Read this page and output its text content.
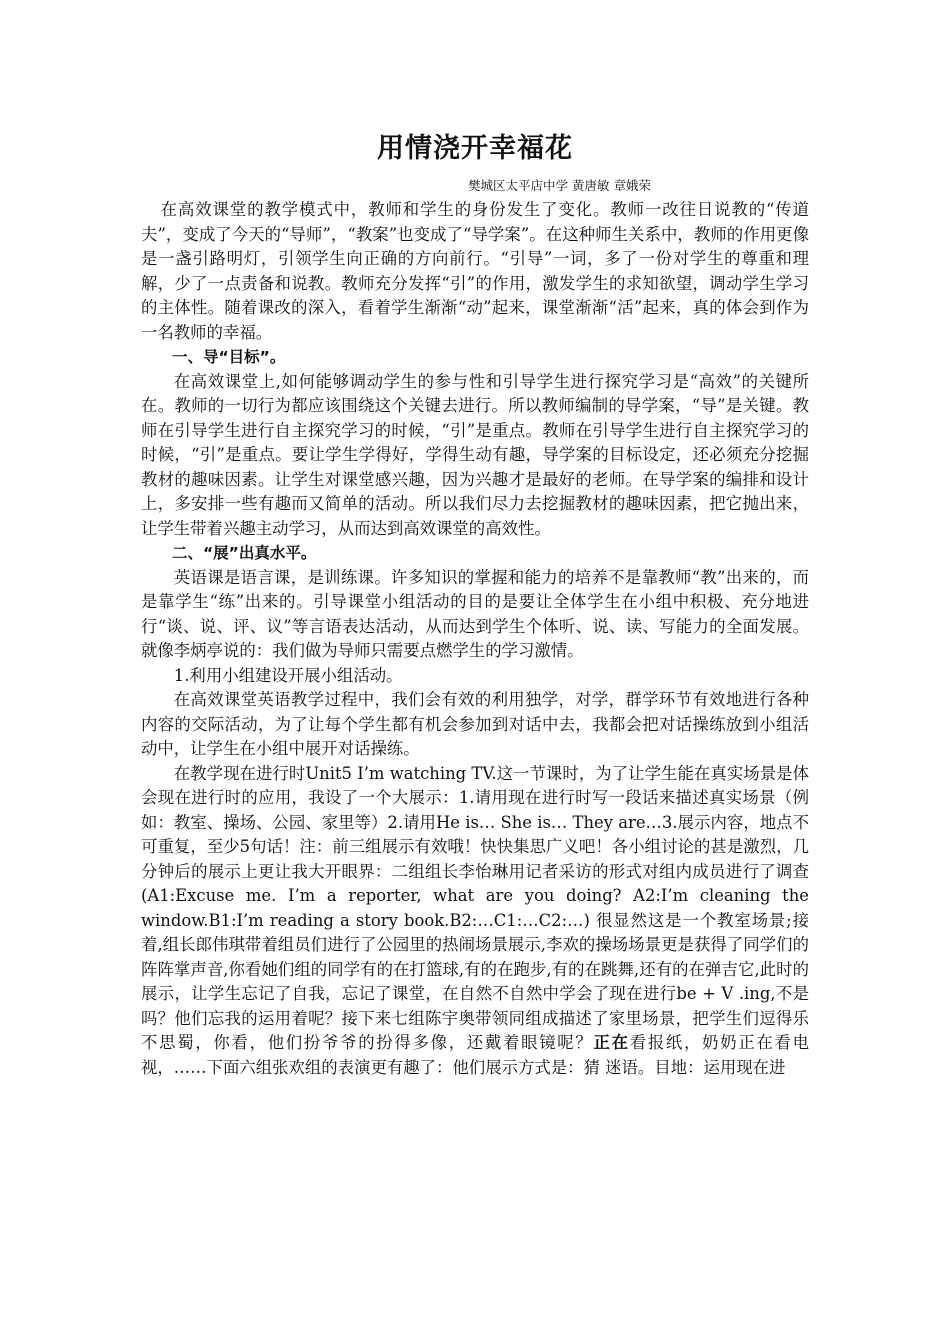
用情浇开幸福花
樊城区太平店中学 黄唐敏 章娥荣

在高效课堂的教学模式中，教师和学生的身份发生了变化。教师一改往日说教的“传道夫”，变成了今天的“导师”，“教案”也变成了“导学案”。在这种师生关系中，教师的作用更像是一盏引路明灯，引领学生向正确的方向前行。“引导”一词，多了一份对学生的尊重和理解，少了一点责备和说教。教师充分发挥“引”的作用，激发学生的求知欲望，调动学生学习的主体性。随着课改的深入，看着学生渐渐“动”起来，课堂渐渐“活”起来，真的体会到作为一名教师的幸福。

一、导“目标”。

在高效课堂上,如何能够调动学生的参与性和引导学生进行探究学习是“高效”的关键所在。教师的一切行为都应该围绕这个关键去进行。所以教师编制的导学案，“导”是关键。教师在引导学生进行自主探究学习的时候，“引”是重点。教师在引导学生进行自主探究学习的时候，“引”是重点。要让学生学得好，学得生动有趣，导学案的目标设定，还必须充分挖掘教材的趣味因素。让学生对课堂感兴趣，因为兴趣才是最好的老师。在导学案的编排和设计上，多安排一些有趣而又简单的活动。所以我们尽力去挖掘教材的趣味因素，把它抛出来，让学生带着兴趣主动学习，从而达到高效课堂的高效性。

二、“展”出真水平。

英语课是语言课，是训练课。许多知识的掌握和能力的培养不是靠教师“教”出来的，而是靠学生“练”出来的。引导课堂小组活动的目的是要让全体学生在小组中积极、充分地进行“谈、说、评、议”等言语表达活动，从而达到学生个体听、说、读、写能力的全面发展。就像李炳亭说的：我们做为导师只需要点燃学生的学习激情。

1.利用小组建设开展小组活动。

在高效课堂英语教学过程中，我们会有效的利用独学，对学，群学环节有效地进行各种内容的交际活动，为了让每个学生都有机会参加到对话中去，我都会把对话操练放到小组活动中，让学生在小组中展开对话操练。

在教学现在进行时Unit5 I’m watching TV.这一节课时，为了让学生能在真实场景是体会现在进行时的应用，我设了一个大展示：1.请用现在进行时写一段话来描述真实场景（例如：教室、操场、公园、家里等）2.请用He is… She is… They are…3.展示内容，地点不可重复，至少5句话！注：前三组展示有效哦！快快集思广义吧！各小组讨论的甚是激烈，几分钟后的展示上更让我大开眼界：二组组长李怡琳用记者采访的形式对组内成员进行了调查(A1:Excuse me. I’m a reporter, what are you doing? A2:I’m cleaning the window.B1:I’m reading a story book.B2:…C1:…C2:…) 很显然这是一个教室场景;接着,组长郎伟琪带着组员们进行了公园里的热闹场景展示,李欢的操场场景更是获得了同学们的阵阵掌声音,你看她们组的同学有的在打篮球,有的在跑步,有的在跳舞,还有的在弹吉它,此时的展示，让学生忘记了自我，忘记了课堂，在自然不自然中学会了现在进行be + V .ing,不是吗？他们忘我的运用着呢？接下来七组陈宇奥带领同组成描述了家里场景，把学生们逗得乐不思蜀，你看，他们扮爷爷的扮得多像，还戴着眼镜呢？正在看报纸，奶奶正在看电视，……下面六组张欢组的表演更有趣了：他们展示方式是：猜 迷语。目地：运用现在进
